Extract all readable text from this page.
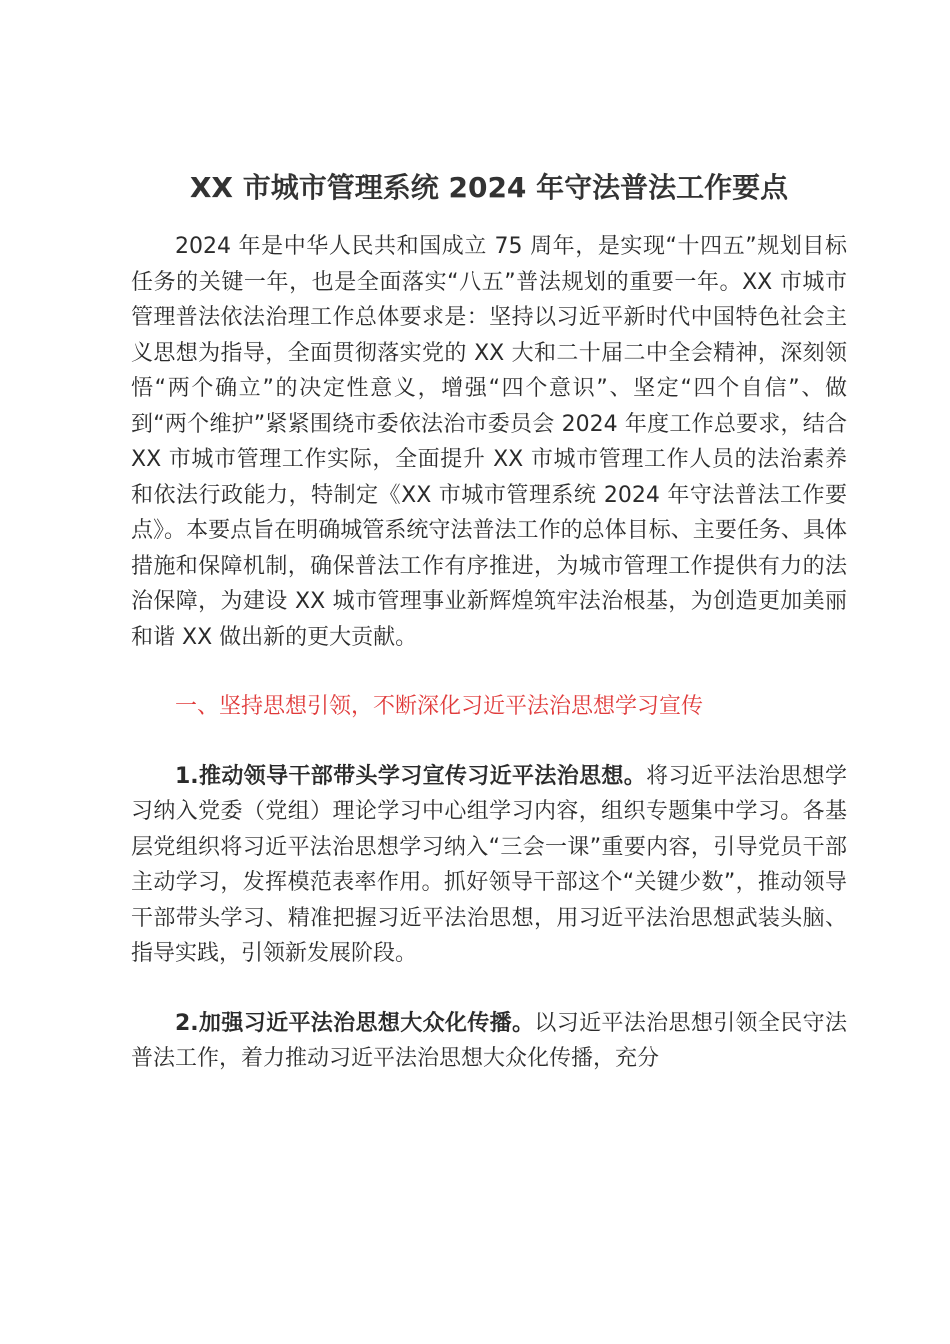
XX 市城市管理系统 2024 年守法普法工作要点

2024 年是中华人民共和国成立 75 周年，是实现“十四五”规划目标任务的关键一年，也是全面落实“八五”普法规划的重要一年。XX 市城市管理普法依法治理工作总体要求是：坚持以习近平新时代中国特色社会主义思想为指导，全面贯彻落实党的 XX 大和二十届二中全会精神，深刻领悟“两个确立”的决定性意义，增强“四个意识”、坚定“四个自信”、做到“两个维护”紧紧围绕市委依法治市委员会 2024 年度工作总要求，结合 XX 市城市管理工作实际，全面提升 XX 市城市管理工作人员的法治素养和依法行政能力，特制定《XX 市城市管理系统 2024 年守法普法工作要点》。本要点旨在明确城管系统守法普法工作的总体目标、主要任务、具体措施和保障机制，确保普法工作有序推进，为城市管理工作提供有力的法治保障，为建设 XX 城市管理事业新辉煌筑牢法治根基，为创造更加美丽和谐 XX 做出新的更大贡献。

一、坚持思想引领，不断深化习近平法治思想学习宣传

1.推动领导干部带头学习宣传习近平法治思想。将习近平法治思想学习纳入党委（党组）理论学习中心组学习内容，组织专题集中学习。各基层党组织将习近平法治思想学习纳入“三会一课”重要内容，引导党员干部主动学习，发挥模范表率作用。抓好领导干部这个“关键少数”，推动领导干部带头学习、精准把握习近平法治思想，用习近平法治思想武装头脑、指导实践，引领新发展阶段。

2.加强习近平法治思想大众化传播。以习近平法治思想引领全民守法普法工作，着力推动习近平法治思想大众化传播，充分
